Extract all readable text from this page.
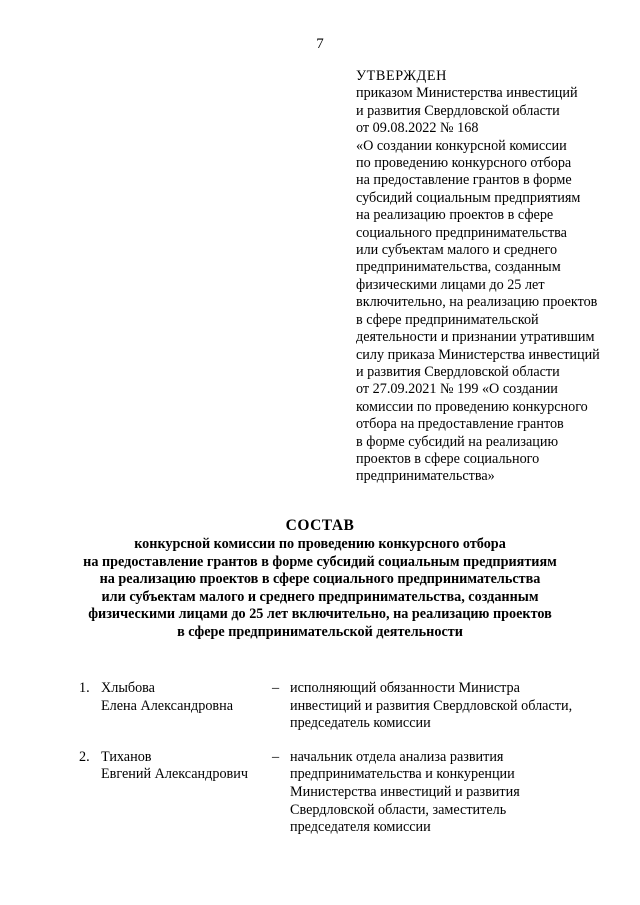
7
УТВЕРЖДЕН
приказом Министерства инвестиций
и развития Свердловской области
от 09.08.2022 № 168
«О создании конкурсной комиссии
по проведению конкурсного отбора
на предоставление грантов в форме
субсидий социальным предприятиям
на реализацию проектов в сфере
социального предпринимательства
или субъектам малого и среднего
предпринимательства, созданным
физическими лицами до 25 лет
включительно, на реализацию проектов
в сфере предпринимательской
деятельности и признании утратившим
силу приказа Министерства инвестиций
и развития Свердловской области
от 27.09.2021 № 199 «О создании
комиссии по проведению конкурсного
отбора на предоставление грантов
в форме субсидий на реализацию
проектов в сфере социального
предпринимательства»
СОСТАВ
конкурсной комиссии по проведению конкурсного отбора
на предоставление грантов в форме субсидий социальным предприятиям
на реализацию проектов в сфере социального предпринимательства
или субъектам малого и среднего предпринимательства, созданным
физическими лицами до 25 лет включительно, на реализацию проектов
в сфере предпринимательской деятельности
1. Хлыбова
Елена Александровна
– исполняющий обязанности Министра
инвестиций и развития Свердловской области,
председатель комиссии
2. Тиханов
Евгений Александрович
– начальник отдела анализа развития
предпринимательства и конкуренции
Министерства инвестиций и развития
Свердловской области, заместитель
председателя комиссии
